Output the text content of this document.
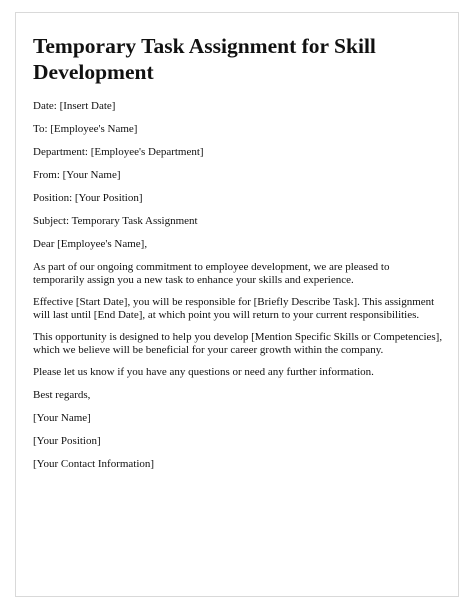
Temporary Task Assignment for Skill Development

Date: [Insert Date]

To: [Employee's Name]

Department: [Employee's Department]

From: [Your Name]

Position: [Your Position]

Subject: Temporary Task Assignment

Dear [Employee's Name],

As part of our ongoing commitment to employee development, we are pleased to temporarily assign you a new task to enhance your skills and experience.

Effective [Start Date], you will be responsible for [Briefly Describe Task]. This assignment will last until [End Date], at which point you will return to your current responsibilities.

This opportunity is designed to help you develop [Mention Specific Skills or Competencies], which we believe will be beneficial for your career growth within the company.

Please let us know if you have any questions or need any further information.

Best regards,

[Your Name]

[Your Position]

[Your Contact Information]
